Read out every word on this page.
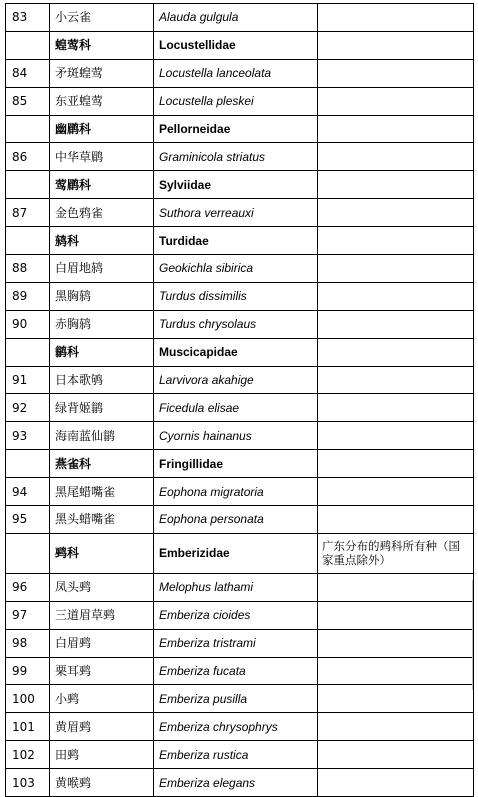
83	小云雀	Alauda gulgula	
	蝗莺科	Locustellidae	
84	矛斑蝗莺	Locustella lanceolata	
85	东亚蝗莺	Locustella pleskei	
	幽鹛科	Pellorneidae	
86	中华草鹛	Graminicola striatus	
	莺鹛科	Sylviidae	
87	金色鸦雀	Suthora verreauxi	
	鸫科	Turdidae	
88	白眉地鸫	Geokichla sibirica	
89	黑胸鸫	Turdus dissimilis	
90	赤胸鸫	Turdus chrysolaus	
	鹟科	Muscicapidae	
91	日本歌鸲	Larvivora akahige	
92	绿背姬鹟	Ficedula elisae	
93	海南蓝仙鹟	Cyornis hainanus	
	燕雀科	Fringillidae	
94	黑尾蜡嘴雀	Eophona migratoria	
95	黑头蜡嘴雀	Eophona personata	
	鹀科	Emberizidae	广东分布的鹀科所有种（国家重点除外）
96	凤头鹀	Melophus lathami	
97	三道眉草鹀	Emberiza cioides	
98	白眉鹀	Emberiza tristrami	
99	栗耳鹀	Emberiza fucata	
100	小鹀	Emberiza pusilla	
101	黄眉鹀	Emberiza chrysophrys	
102	田鹀	Emberiza rustica	
103	黄喉鹀	Emberiza elegans	
